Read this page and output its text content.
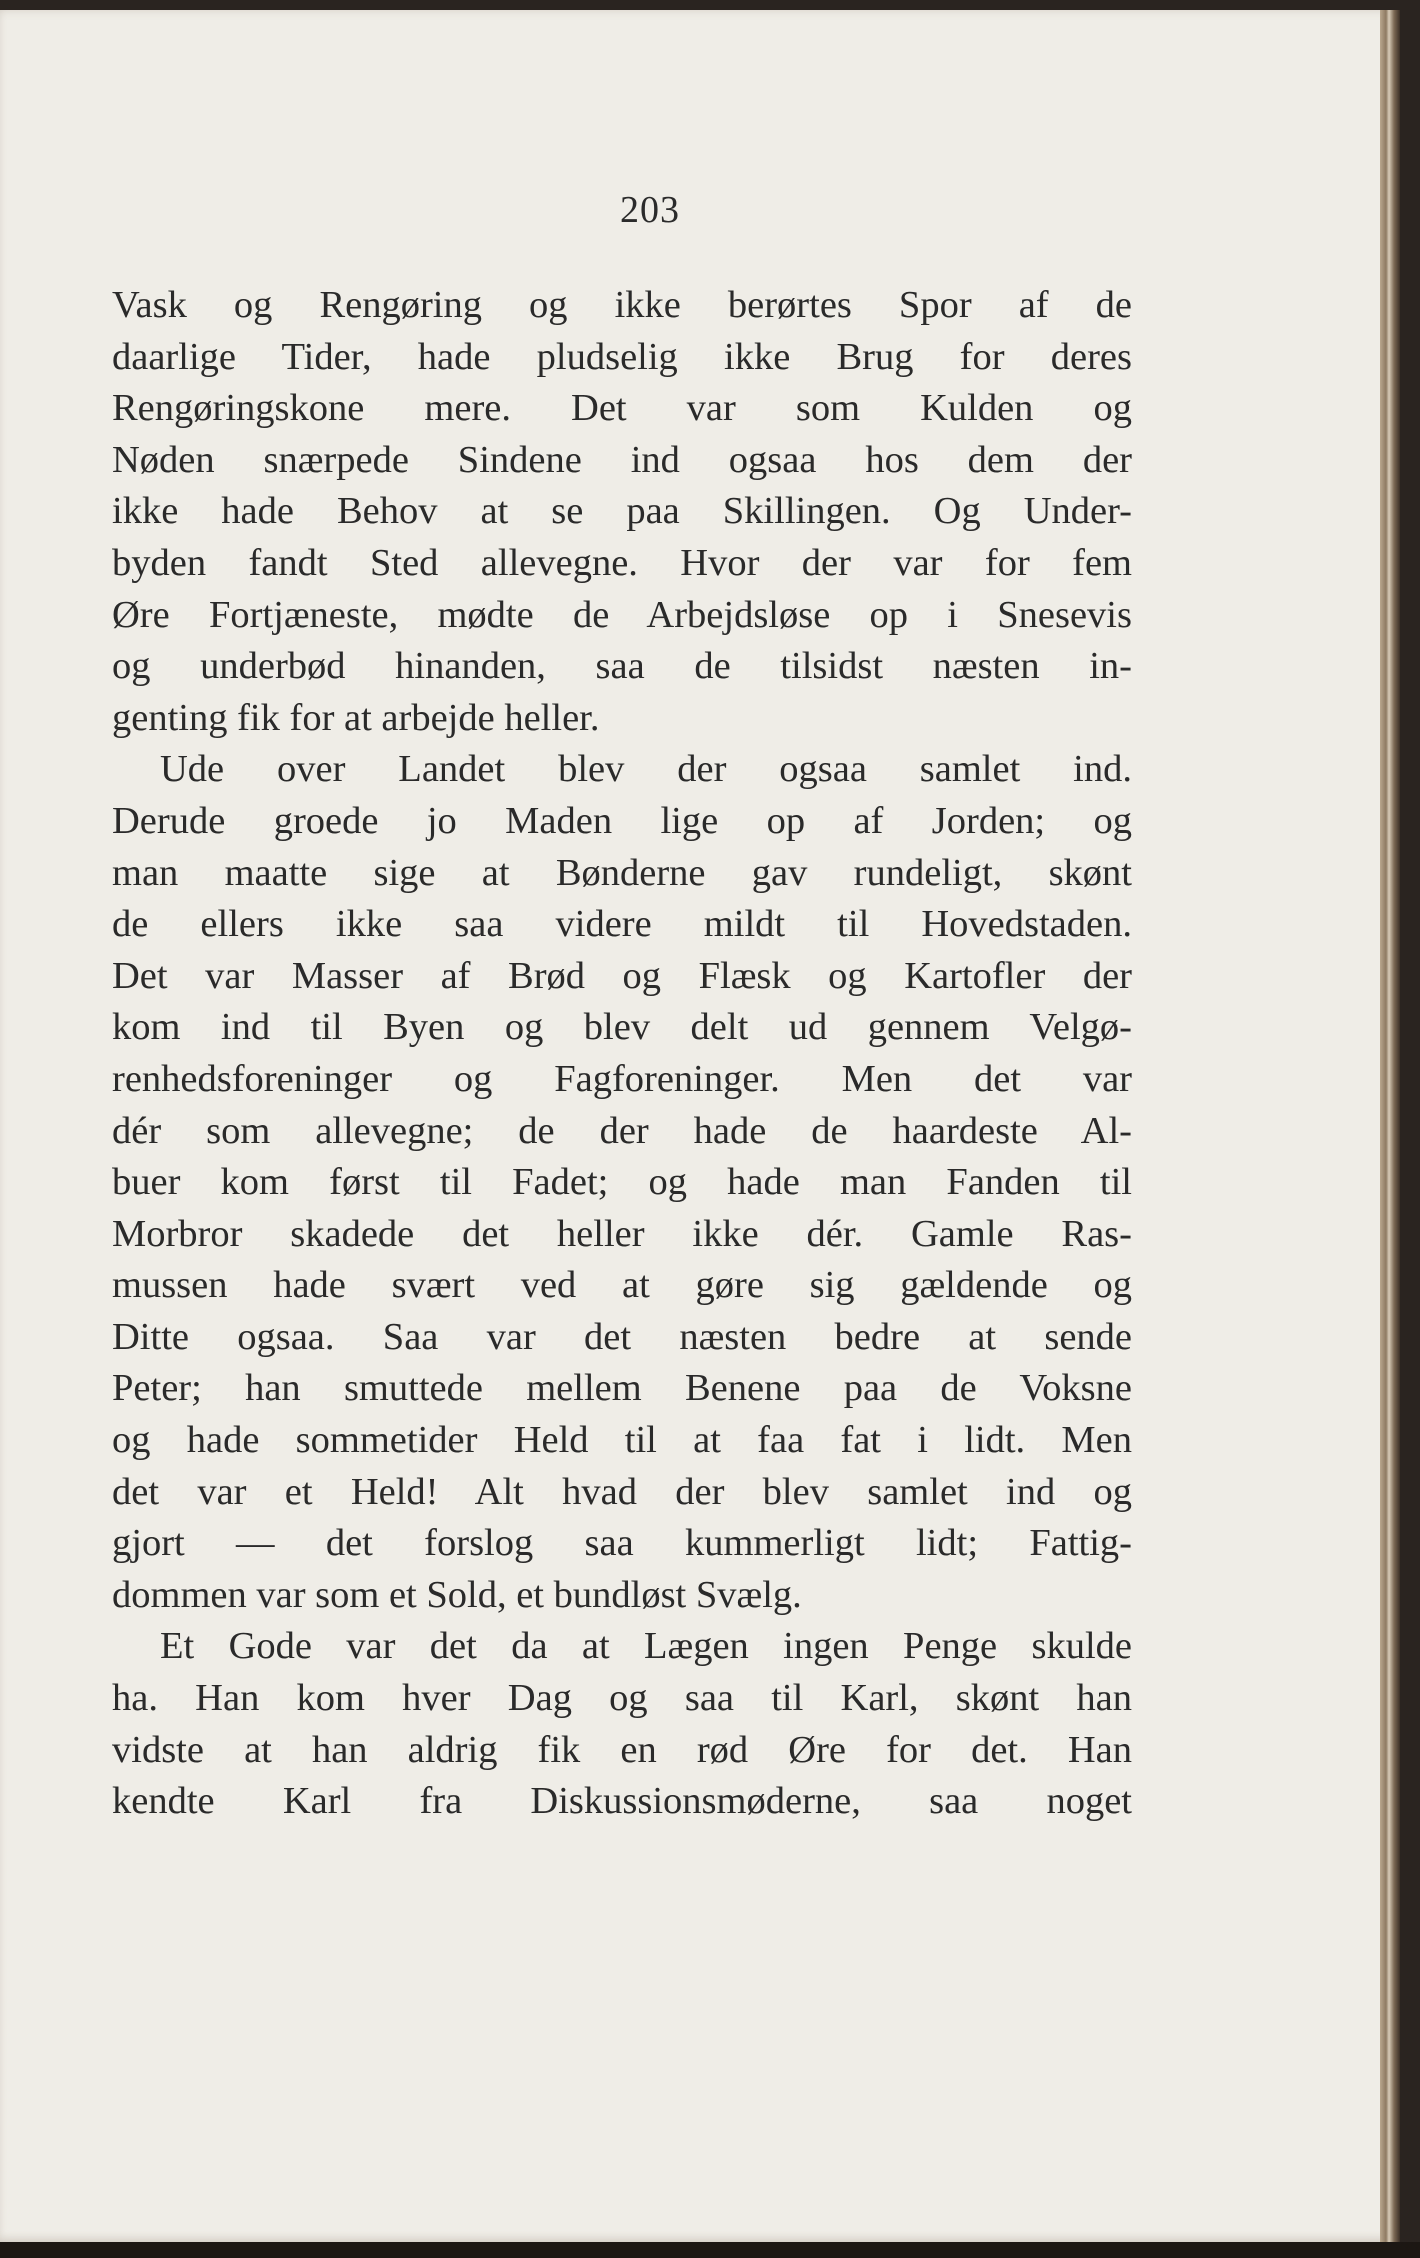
203
Vask og Rengøring og ikke berørtes Spor af de
daarlige Tider, hade pludselig ikke Brug for deres
Rengøringskone mere. Det var som Kulden og
Nøden snærpede Sindene ind ogsaa hos dem der
ikke hade Behov at se paa Skillingen. Og Under-
byden fandt Sted allevegne. Hvor der var for fem
Øre Fortjæneste, mødte de Arbejdsløse op i Snesevis
og underbød hinanden, saa de tilsidst næsten in-
genting fik for at arbejde heller.
Ude over Landet blev der ogsaa samlet ind.
Derude groede jo Maden lige op af Jorden; og
man maatte sige at Bønderne gav rundeligt, skønt
de ellers ikke saa videre mildt til Hovedstaden.
Det var Masser af Brød og Flæsk og Kartofler der
kom ind til Byen og blev delt ud gennem Velgø-
renhedsforeninger og Fagforeninger. Men det var
dér som allevegne; de der hade de haardeste Al-
buer kom først til Fadet; og hade man Fanden til
Morbror skadede det heller ikke dér. Gamle Ras-
mussen hade svært ved at gøre sig gældende og
Ditte ogsaa. Saa var det næsten bedre at sende
Peter; han smuttede mellem Benene paa de Voksne
og hade sommetider Held til at faa fat i lidt. Men
det var et Held! Alt hvad der blev samlet ind og
gjort — det forslog saa kummerligt lidt; Fattig-
dommen var som et Sold, et bundløst Svælg.
Et Gode var det da at Lægen ingen Penge skulde
ha. Han kom hver Dag og saa til Karl, skønt han
vidste at han aldrig fik en rød Øre for det. Han
kendte Karl fra Diskussionsmøderne, saa noget
